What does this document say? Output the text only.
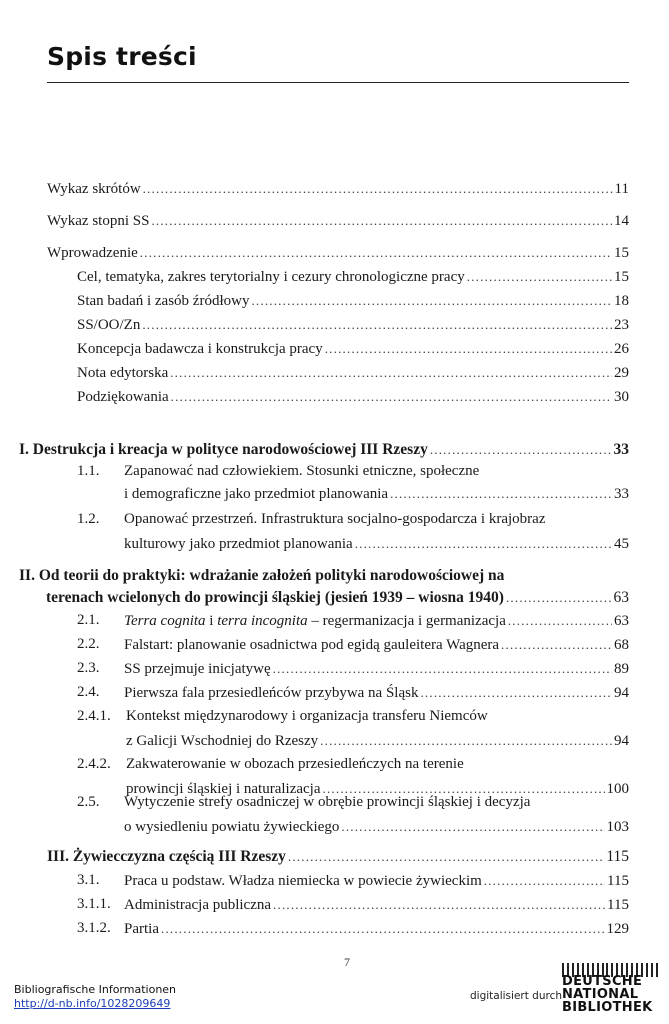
Spis treści
Wykaz skrótów .....	11
Wykaz stopni SS .....	14
Wprowadzenie .....	15
Cel, tematyka, zakres terytorialny i cezury chronologiczne pracy .....	15
Stan badań i zasób źródłowy .....	18
SS/OO/Zn .....	23
Koncepcja badawcza i konstrukcja pracy .....	26
Nota edytorska .....	29
Podziękowania .....	30
I. Destrukcja i kreacja w polityce narodowościowej III Rzeszy .....	33
1.1. Zapanować nad człowiekiem. Stosunki etniczne, społeczne
i demograficzne jako przedmiot planowania .....	33
1.2. Opanować przestrzeń. Infrastruktura socjalno-gospodarcza i krajobraz
kulturowy jako przedmiot planowania .....	45
II. Od teorii do praktyki: wdrażanie założeń polityki narodowościowej na
terenach wcielonych do prowincji śląskiej (jesień 1939 – wiosna 1940) .....	63
2.1. Terra cognita i terra incognita – regermanizacja i germanizacja .....	63
2.2. Falstart: planowanie osadnictwa pod egidą gauleitera Wagnera .....	68
2.3. SS przejmuje inicjatywę .....	89
2.4. Pierwsza fala przesiedleńców przybywa na Śląsk .....	94
2.4.1. Kontekst międzynarodowy i organizacja transferu Niemców
z Galicji Wschodniej do Rzeszy .....	94
2.4.2. Zakwaterowanie w obozach przesiedleńczych na terenie
prowincji śląskiej i naturalizacja .....	100
2.5. Wytyczenie strefy osadniczej w obrębie prowincji śląskiej i decyzja
o wysiedleniu powiatu żywieckiego .....	103
III. Żywiecczyzna częścią III Rzeszy .....	115
3.1. Praca u podstaw. Władza niemiecka w powiecie żywieckim .....	115
3.1.1. Administracja publiczna .....	115
3.1.2. Partia .....	129
7
Bibliografische Informationen
http://d-nb.info/1028209649
digitalisiert durch
DEUTSCHE
NATIONAL
BIBLIOTHEK
